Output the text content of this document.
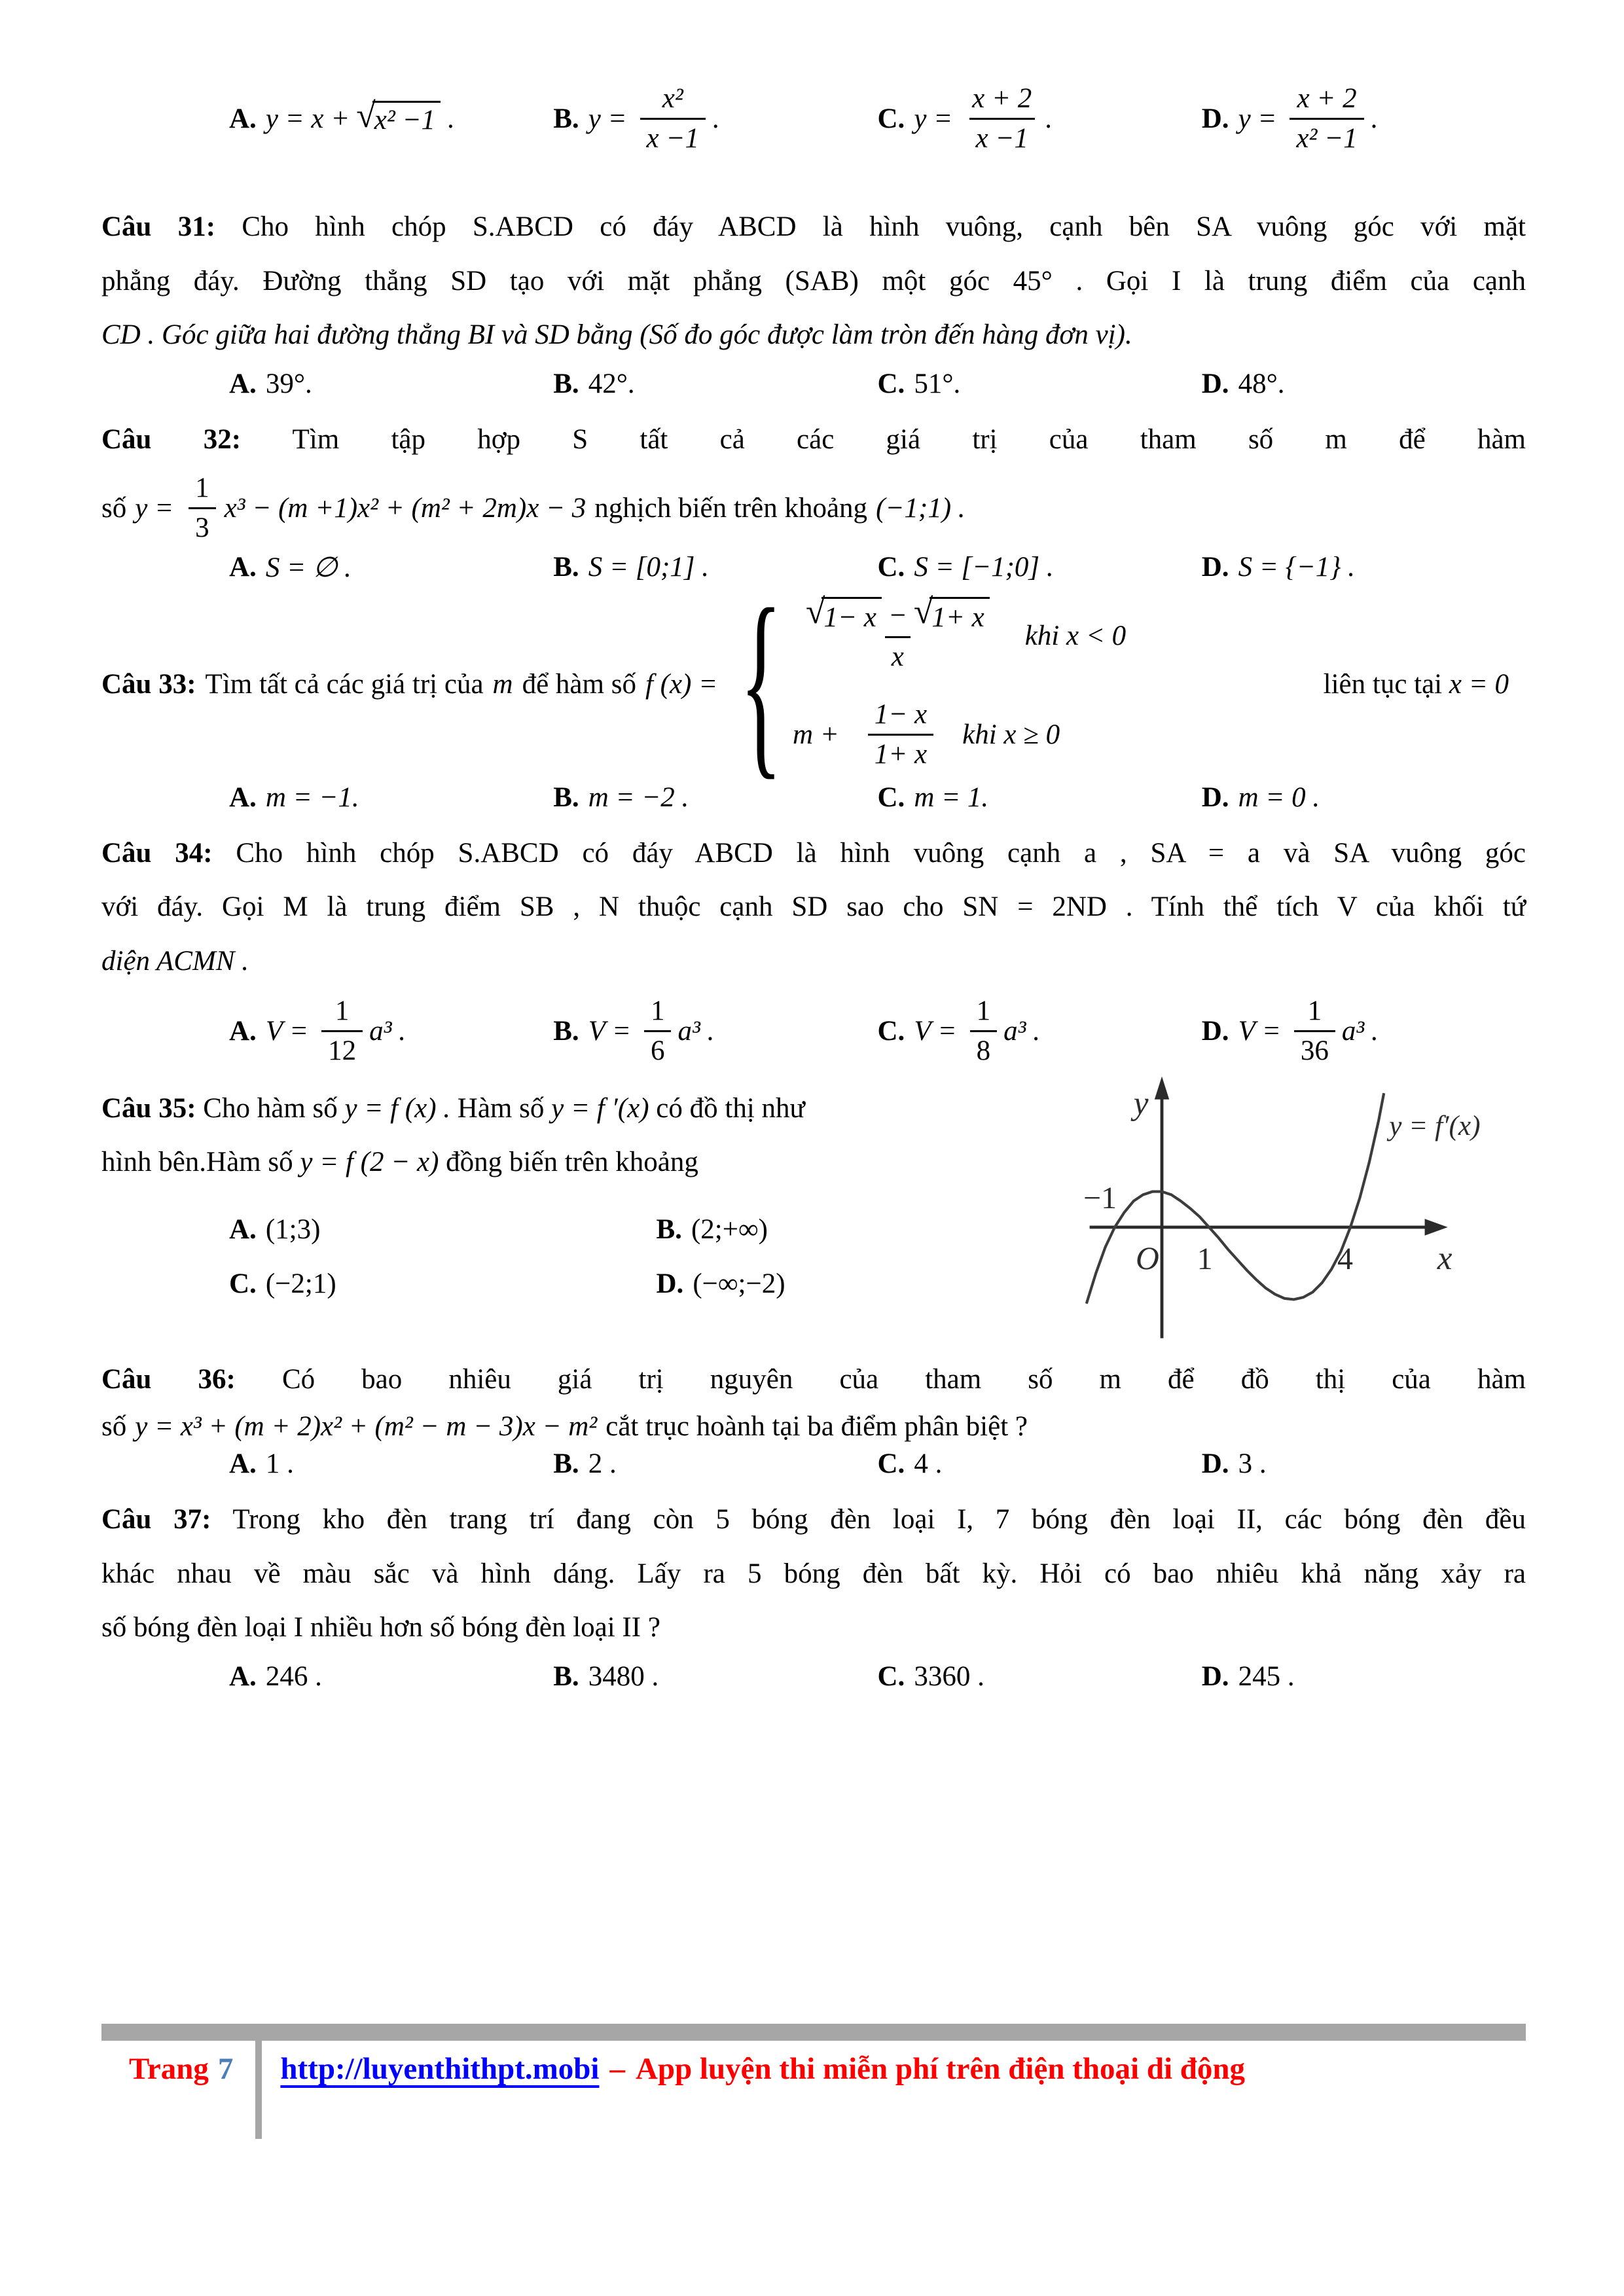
A. y = x + √
x² −1 .	B. $y = \frac{\text{x²}}{x -1}$ .	C. $y = \frac{x + 2}{x -1}$ .	D. $y = \frac{x + 2}{\text{x² −1}}$ .
Câu 31: Cho hình chóp S.ABCD có đáy ABCD là hình vuông, cạnh bên SA vuông góc với mặt
phẳng đáy. Đường thẳng SD tạo với mặt phẳng (SAB) một góc 45° . Gọi I là trung điểm của cạnh
CD . Góc giữa hai đường thẳng BI và SD bằng (Số đo góc được làm tròn đến hàng đơn vị).
A. 39°.	B. 42°.	C. 51°.	D. 48°.
Câu 32: Tìm tập hợp S tất cả các giá trị của tham số m để hàm
số $y = \frac{1}{3} x^3 - (m +1)x^2 + (m^2 + 2m)x - 3$ nghịch biến trên khoảng (−1;1) .
A. S = ∅ .	B. S = [0;1] .	C. S = [−1;0] .	D. S = {−1} .
Câu 33: Tìm tất cả các giá trị của m để hàm số f (x) = { √
1− x − √
1+ x
x khi x < 0
$m + \frac{1- x}{1+ x}$ khi x ≥ 0
liên tục tại x = 0
A. m = −1.	B. m = −2 .	C. m = 1.	D. m = 0 .
Câu 34: Cho hình chóp S.ABCD có đáy ABCD là hình vuông cạnh a , SA = a và SA vuông góc
với đáy. Gọi M là trung điểm SB , N thuộc cạnh SD sao cho SN = 2ND . Tính thể tích V của khối tứ
diện ACMN .
A. $V = \frac{1}{12} a^3$ .	B. $V = \frac{1}{6} a^3$ .	C. $V = \frac{1}{8} a^3$ .	D. $V = \frac{1}{36} a^3$ .
Câu 35: Cho hàm số y = f (x) . Hàm số y = f ′(x) có đồ thị như
hình bên.Hàm số y = f (2 − x) đồng biến trên khoảng
A. (1;3)	B. (2;+∞)
C. (−2;1)	D. (−∞;−2)
y
x
O
−1
1	4
y = f′(x)
Câu 36: Có bao nhiêu giá trị nguyên của tham số m để đồ thị của hàm
số y = x³ + (m + 2)x² + (m² − m − 3)x − m² cắt trục hoành tại ba điểm phân biệt ?
A. 1 .	B. 2 .	C. 4 .	D. 3 .
Câu 37: Trong kho đèn trang trí đang còn 5 bóng đèn loại I, 7 bóng đèn loại II, các bóng đèn đều
khác nhau về màu sắc và hình dáng. Lấy ra 5 bóng đèn bất kỳ. Hỏi có bao nhiêu khả năng xảy ra
số bóng đèn loại I nhiều hơn số bóng đèn loại II ?
A. 246 .	B. 3480 .	C. 3360 .	D. 245 .
Trang 7 http://luyenthithpt.mobi – App luyện thi miễn phí trên điện thoại di động
